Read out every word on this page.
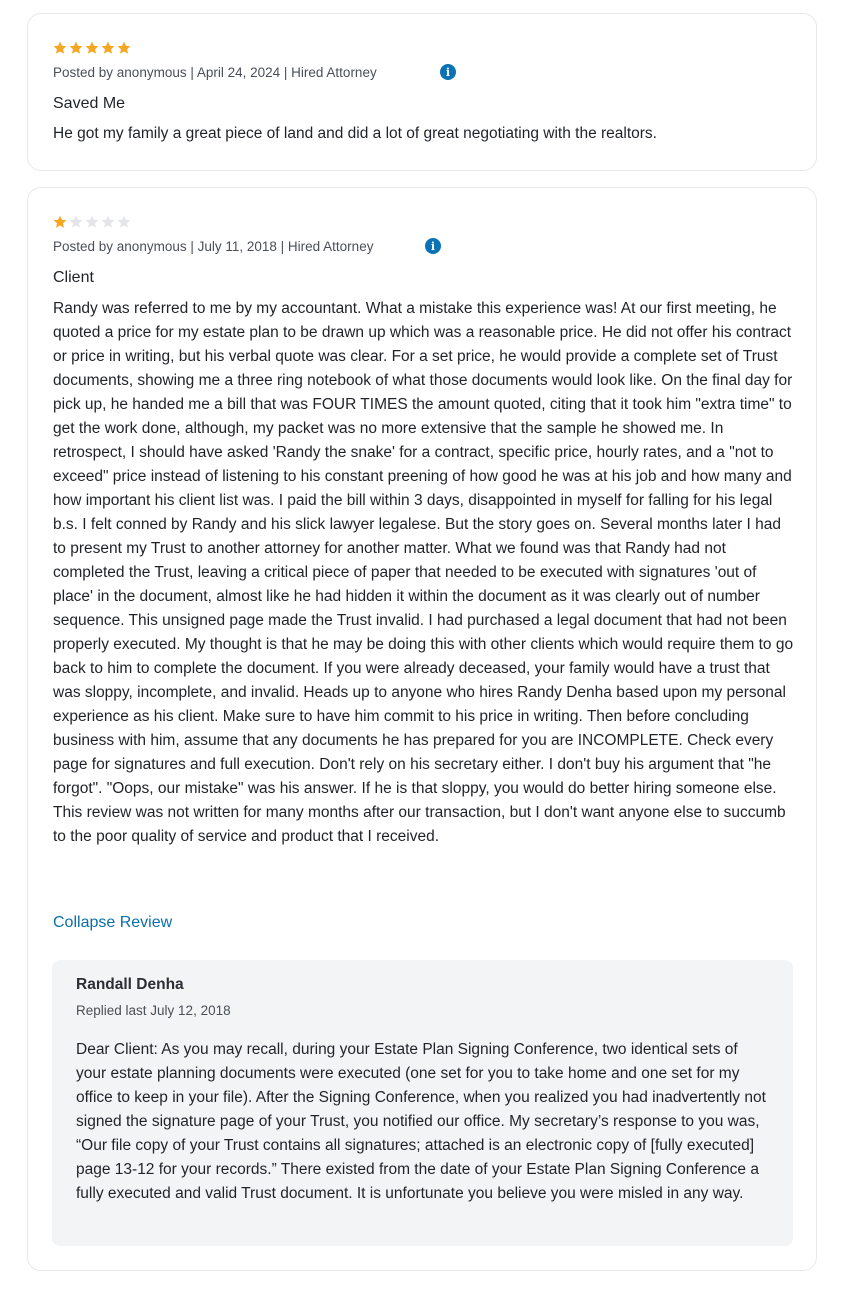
Posted by anonymous | April 24, 2024 | Hired Attorney	i
Saved Me
He got my family a great piece of land and did a lot of great negotiating with the realtors.
Posted by anonymous | July 11, 2018 | Hired Attorney	i
Client
Randy was referred to me by my accountant. What a mistake this experience was! At our first meeting, he quoted a price for my estate plan to be drawn up which was a reasonable price. He did not offer his contract or price in writing, but his verbal quote was clear. For a set price, he would provide a complete set of Trust documents, showing me a three ring notebook of what those documents would look like. On the final day for pick up, he handed me a bill that was FOUR TIMES the amount quoted, citing that it took him "extra time" to get the work done, although, my packet was no more extensive that the sample he showed me. In retrospect, I should have asked 'Randy the snake' for a contract, specific price, hourly rates, and a "not to exceed" price instead of listening to his constant preening of how good he was at his job and how many and how important his client list was. I paid the bill within 3 days, disappointed in myself for falling for his legal b.s. I felt conned by Randy and his slick lawyer legalese. But the story goes on. Several months later I had to present my Trust to another attorney for another matter. What we found was that Randy had not completed the Trust, leaving a critical piece of paper that needed to be executed with signatures 'out of place' in the document, almost like he had hidden it within the document as it was clearly out of number sequence. This unsigned page made the Trust invalid. I had purchased a legal document that had not been properly executed. My thought is that he may be doing this with other clients which would require them to go back to him to complete the document. If you were already deceased, your family would have a trust that was sloppy, incomplete, and invalid. Heads up to anyone who hires Randy Denha based upon my personal experience as his client. Make sure to have him commit to his price in writing. Then before concluding business with him, assume that any documents he has prepared for you are INCOMPLETE. Check every page for signatures and full execution. Don't rely on his secretary either. I don't buy his argument that "he forgot". "Oops, our mistake" was his answer. If he is that sloppy, you would do better hiring someone else. This review was not written for many months after our transaction, but I don't want anyone else to succumb to the poor quality of service and product that I received.
Collapse Review
Randall Denha
Replied last July 12, 2018
Dear Client: As you may recall, during your Estate Plan Signing Conference, two identical sets of your estate planning documents were executed (one set for you to take home and one set for my office to keep in your file). After the Signing Conference, when you realized you had inadvertently not signed the signature page of your Trust, you notified our office. My secretary’s response to you was, “Our file copy of your Trust contains all signatures; attached is an electronic copy of [fully executed] page 13-12 for your records.” There existed from the date of your Estate Plan Signing Conference a fully executed and valid Trust document. It is unfortunate you believe you were misled in any way.
